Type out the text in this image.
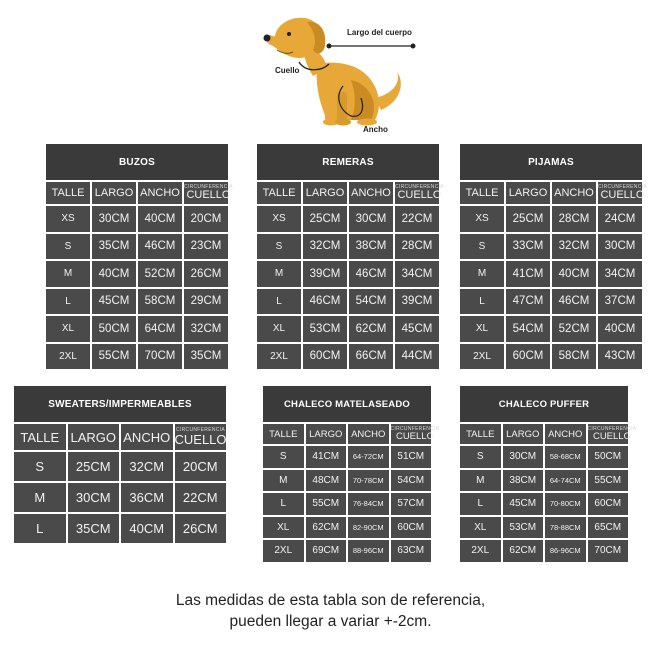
Largo del cuerpo
Cuello
Ancho
BUZOS			
TALLE	LARGO	ANCHO	CIRCUNFERENCIA
CUELLO

XS	30CM	40CM	20CM
S	35CM	46CM	23CM
M	40CM	52CM	26CM
L	45CM	58CM	29CM
XL	50CM	64CM	32CM
2XL	55CM	70CM	35CM
REMERAS			
TALLE	LARGO	ANCHO	CIRCUNFERENCIA
CUELLO

XS	25CM	30CM	22CM
S	32CM	38CM	28CM
M	39CM	46CM	34CM
L	46CM	54CM	39CM
XL	53CM	62CM	45CM
2XL	60CM	66CM	44CM
PIJAMAS			
TALLE	LARGO	ANCHO	CIRCUNFERENCIA
CUELLO

XS	25CM	28CM	24CM
S	33CM	32CM	30CM
M	41CM	40CM	34CM
L	47CM	46CM	37CM
XL	54CM	52CM	40CM
2XL	60CM	58CM	43CM
SWEATERS/IMPERMEABLES			
TALLE	LARGO	ANCHO	CIRCUNFERENCIA
CUELLO

S	25CM	32CM	20CM
M	30CM	36CM	22CM
L	35CM	40CM	26CM
CHALECO MATELASEADO			
TALLE	LARGO	ANCHO	CIRCUNFERENCIA
CUELLO

S	41CM	64-72CM	51CM
M	48CM	70-78CM	54CM
L	55CM	76-84CM	57CM
XL	62CM	82-90CM	60CM
2XL	69CM	88-96CM	63CM
CHALECO PUFFER			
TALLE	LARGO	ANCHO	CIRCUNFERENCIA
CUELLO

S	30CM	58-68CM	50CM
M	38CM	64-74CM	55CM
L	45CM	70-80CM	60CM
XL	53CM	78-88CM	65CM
2XL	62CM	86-96CM	70CM
Las medidas de esta tabla son de referencia,
pueden llegar a variar +-2cm.
